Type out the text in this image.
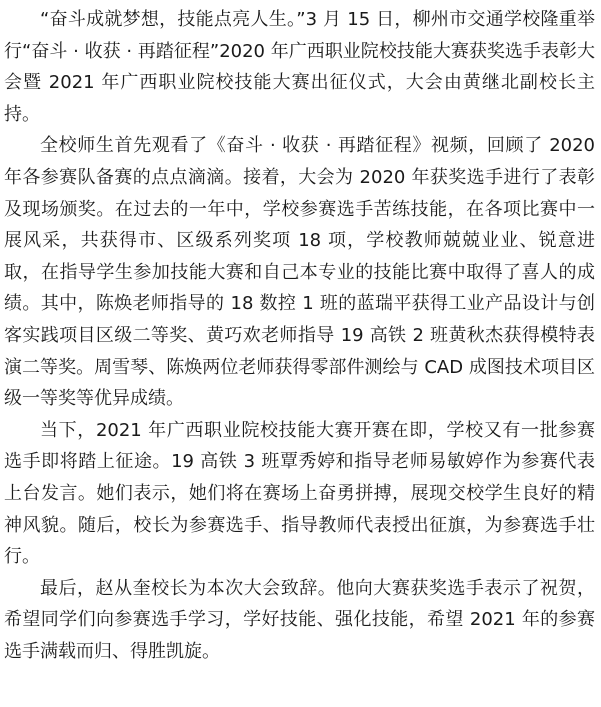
“奋斗成就梦想，技能点亮人生。”3 月 15 日，柳州市交通学校隆重举行“奋斗 · 收获 · 再踏征程”2020 年广西职业院校技能大赛获奖选手表彰大会暨 2021 年广西职业院校技能大赛出征仪式，大会由黄继北副校长主持。

全校师生首先观看了《奋斗 · 收获 · 再踏征程》视频，回顾了 2020 年各参赛队备赛的点点滴滴。接着，大会为 2020 年获奖选手进行了表彰及现场颁奖。在过去的一年中，学校参赛选手苦练技能，在各项比赛中一展风采，共获得市、区级系列奖项 18 项，学校教师兢兢业业、锐意进取，在指导学生参加技能大赛和自己本专业的技能比赛中取得了喜人的成绩。其中，陈焕老师指导的 18 数控 1 班的蓝瑞平获得工业产品设计与创客实践项目区级二等奖、黄巧欢老师指导 19 高铁 2 班黄秋杰获得模特表演二等奖。周雪琴、陈焕两位老师获得零部件测绘与 CAD 成图技术项目区级一等奖等优异成绩。

当下，2021 年广西职业院校技能大赛开赛在即，学校又有一批参赛选手即将踏上征途。19 高铁 3 班覃秀婷和指导老师易敏婷作为参赛代表上台发言。她们表示，她们将在赛场上奋勇拼搏，展现交校学生良好的精神风貌。随后，校长为参赛选手、指导教师代表授出征旗，为参赛选手壮行。

最后，赵从奎校长为本次大会致辞。他向大赛获奖选手表示了祝贺，希望同学们向参赛选手学习，学好技能、强化技能，希望 2021 年的参赛选手满载而归、得胜凯旋。
